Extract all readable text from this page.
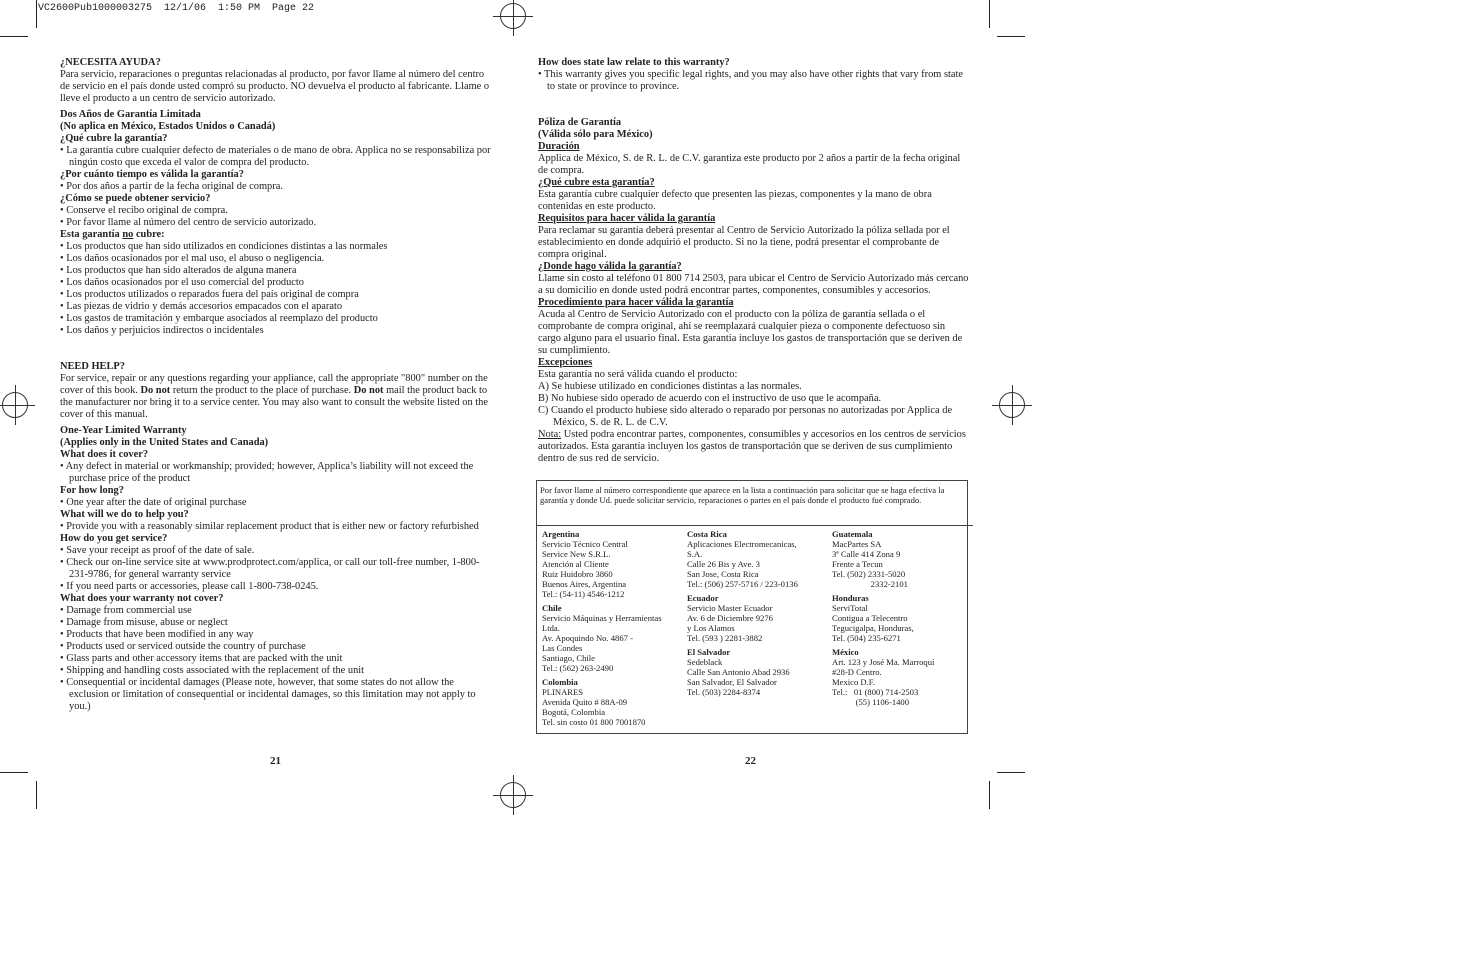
VC2600Pub1000003275  12/1/06  1:50 PM  Page 22

¿NECESITA AYUDA?

Para servicio, reparaciones o preguntas relacionadas al producto, por favor llame al número del centro de servicio en el país donde usted compró su producto. NO devuelva el producto al fabricante. Llame o lleve el producto a un centro de servicio autorizado.

Dos Años de Garantía Limitada

(No aplica en México, Estados Unidos o Canadá)

¿Qué cubre la garantía?

• La garantía cubre cualquier defecto de materiales o de mano de obra. Applica no se responsabiliza por ningún costo que exceda el valor de compra del producto.

¿Por cuánto tiempo es válida la garantía?

• Por dos años a partir de la fecha original de compra.

¿Cómo se puede obtener servicio?

• Conserve el recibo original de compra.

• Por favor llame al número del centro de servicio autorizado.

Esta garantía no cubre:

• Los productos que han sido utilizados en condiciones distintas a las normales

• Los daños ocasionados por el mal uso, el abuso o negligencia.

• Los productos que han sido alterados de alguna manera

• Los daños ocasionados por el uso comercial del producto

• Los productos utilizados o reparados fuera del país original de compra

• Las piezas de vidrio y demás accesorios empacados con el aparato

• Los gastos de tramitación y embarque asociados al reemplazo del producto

• Los daños y perjuicios indirectos o incidentales

NEED HELP?

For service, repair or any questions regarding your appliance, call the appropriate "800" number on the cover of this book. Do not return the product to the place of purchase. Do not mail the product back to the manufacturer nor bring it to a service center. You may also want to consult the website listed on the cover of this manual.

One-Year Limited Warranty

(Applies only in the United States and Canada)

What does it cover?

• Any defect in material or workmanship; provided; however, Applica’s liability will not exceed the purchase price of the product

For how long?

• One year after the date of original purchase

What will we do to help you?

• Provide you with a reasonably similar replacement product that is either new or factory refurbished

How do you get service?

• Save your receipt as proof of the date of sale.

• Check our on-line service site at www.prodprotect.com/applica, or call our toll-free number, 1-800-231-9786, for general warranty service

• If you need parts or accessories, please call 1-800-738-0245.

What does your warranty not cover?

• Damage from commercial use

• Damage from misuse, abuse or neglect

• Products that have been modified in any way

• Products used or serviced outside the country of purchase

• Glass parts and other accessory items that are packed with the unit

• Shipping and handling costs associated with the replacement of the unit

• Consequential or incidental damages (Please note, however, that some states do not allow the exclusion or limitation of consequential or incidental damages, so this limitation may not apply to you.)

21

How does state law relate to this warranty?

• This warranty gives you specific legal rights, and you may also have other rights that vary from state to state or province to province.

Póliza de Garantía

(Válida sólo para México)

Duración

Applica de México, S. de R. L. de C.V. garantiza este producto por 2 años a partir de la fecha original de compra.

¿Qué cubre esta garantía?

Esta garantía cubre cualquier defecto que presenten las piezas, componentes y la mano de obra contenidas en este producto.

Requisitos para hacer válida la garantía

Para reclamar su garantía deberá presentar al Centro de Servicio Autorizado la póliza sellada por el establecimiento en donde adquirió el producto. Si no la tiene, podrá presentar el comprobante de compra original.

¿Donde hago válida la garantía?

Llame sin costo al teléfono 01 800 714 2503, para ubicar el Centro de Servicio Autorizado más cercano a su domicilio en donde usted podrá encontrar partes, componentes, consumibles y accesorios.

Procedimiento para hacer válida la garantía

Acuda al Centro de Servicio Autorizado con el producto con la póliza de garantía sellada o el comprobante de compra original, ahí se reemplazará cualquier pieza o componente defectuoso sin cargo alguno para el usuario final. Esta garantía incluye los gastos de transportación que se deriven de su cumplimiento.

Excepciones

Esta garantía no será válida cuando el producto:

A) Se hubiese utilizado en condiciones distintas a las normales.

B) No hubiese sido operado de acuerdo con el instructivo de uso que le acompaña.

C) Cuando el producto hubiese sido alterado o reparado por personas no autorizadas por Applica de México, S. de R. L. de C.V.

Nota: Usted podra encontrar partes, componentes, consumibles y accesorios en los centros de servicios autorizados. Esta garantía incluyen los gastos de transportación que se deriven de sus cumplimiento dentro de sus red de servicio.

22
Por favor llame al número correspondiente que aparece en la lista a continuación para solicitar que se haga efectiva la garantía y donde Ud. puede solicitar servicio, reparaciones o partes en el país donde el producto fué comprado.
Argentina
Servicio Técnico Central
Service New S.R.L.
Atención al Cliente
Ruiz Huidobro 3860
Buenos Aires, Argentina
Tel.: (54-11) 4546-1212
Chile
Servicio Máquinas y Herramientas
Ltda.
Av. Apoquindo No. 4867 -
Las Condes
Santiago, Chile
Tel.: (562) 263-2490
Colombia
PLINARES
Avenida Quito # 88A-09
Bogotá, Colombia
Tel. sin costo 01 800 7001870
Costa Rica
Aplicaciones Electromecanicas,
S.A.
Calle 26 Bis y Ave. 3
San Jose, Costa Rica
Tel.: (506) 257-5716 / 223-0136
Ecuador
Servicio Master Ecuador
Av. 6 de Diciembre 9276
y Los Alamos
Tel. (593 ) 2281-3882
El Salvador
Sedeblack
Calle San Antonio Abad 2936
San Salvador, El Salvador
Tel. (503) 2284-8374
Guatemala
MacPartes SA
3ª Calle 414 Zona 9
Frente a Tecun
Tel. (502) 2331-5020
2332-2101
Honduras
ServiTotal
Contigua a Telecentro
Tegucigalpa, Honduras,
Tel. (504) 235-6271
México
Art. 123 y José Ma. Marroquí
#28-D Centro.
Mexico D.F.
Tel.:   01 (800) 714-2503
(55) 1106-1400
